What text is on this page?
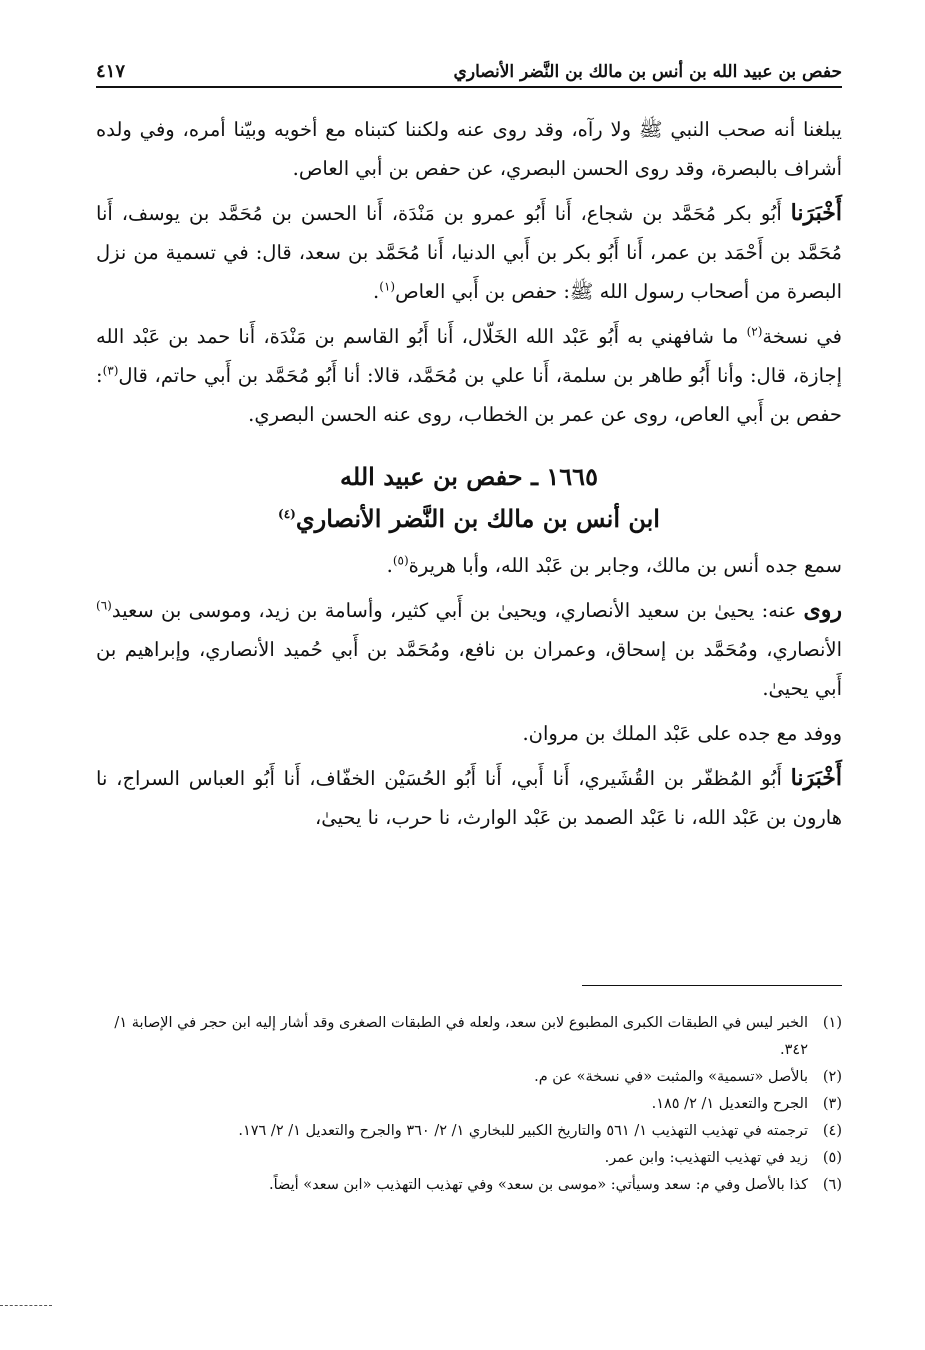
حفص بن عبيد الله بن أنس بن مالك بن النَّضر الأنصاري
٤١٧

يبلغنا أنه صحب النبي ﷺ ولا رآه، وقد روى عنه ولكننا كتبناه مع أخويه وبيّنا أمره، وفي ولده أشراف بالبصرة، وقد روى الحسن البصري، عن حفص بن أبي العاص.

أَخْبَرَنا أَبُو بكر مُحَمَّد بن شجاع، أَنا أَبُو عمرو بن مَنْدَة، أَنا الحسن بن مُحَمَّد بن يوسف، أَنا مُحَمَّد بن أَحْمَد بن عمر، أَنا أَبُو بكر بن أَبي الدنيا، أَنا مُحَمَّد بن سعد، قال: في تسمية من نزل البصرة من أصحاب رسول الله ﷺ: حفص بن أَبي العاص$^{(١)}$.

في نسخة$^{(٢)}$ ما شافهني به أَبُو عَبْد الله الخَلّال، أَنا أَبُو القاسم بن مَنْدَة، أَنا حمد بن عَبْد الله إجازة، قال: وأنا أَبُو طاهر بن سلمة، أَنا علي بن مُحَمَّد، قالا: أنا أَبُو مُحَمَّد بن أَبي حاتم، قال$^{(٣)}$: حفص بن أَبي العاص، روى عن عمر بن الخطاب، روى عنه الحسن البصري.

١٦٦٥ ـ حفص بن عبيد الله
ابن أنس بن مالك بن النَّضر الأنصاري$^{(٤)}$

سمع جده أنس بن مالك، وجابر بن عَبْد الله، وأبا هريرة$^{(٥)}$.

روى عنه: يحيىٰ بن سعيد الأنصاري، ويحيىٰ بن أَبي كثير، وأسامة بن زيد، وموسى بن سعيد$^{(٦)}$ الأنصاري، ومُحَمَّد بن إسحاق، وعمران بن نافع، ومُحَمَّد بن أَبي حُميد الأنصاري، وإبراهيم بن أَبي يحيىٰ.

ووفد مع جده على عَبْد الملك بن مروان.

أَخْبَرَنا أَبُو المُظفّر بن القُشَيري، أَنا أَبي، أَنا أَبُو الحُسَيْن الخفّاف، أَنا أَبُو العباس السراج، نا هارون بن عَبْد الله، نا عَبْد الصمد بن عَبْد الوارث، نا حرب، نا يحيىٰ،

(١)
الخبر ليس في الطبقات الكبرى المطبوع لابن سعد، ولعله في الطبقات الصغرى وقد أشار إليه ابن حجر في الإصابة ١/ ٣٤٢.
(٢)
بالأصل «تسمية» والمثبت «في نسخة» عن م.
(٣)
الجرح والتعديل ١/ ٢/ ١٨٥.
(٤)
ترجمته في تهذيب التهذيب ١/ ٥٦١ والتاريخ الكبير للبخاري ١/ ٢/ ٣٦٠ والجرح والتعديل ١/ ٢/ ١٧٦.
(٥)
زيد في تهذيب التهذيب: وابن عمر.
(٦)
كذا بالأصل وفي م: سعد وسيأتي: «موسى بن سعد» وفي تهذيب التهذيب «ابن سعد» أيضاً.
